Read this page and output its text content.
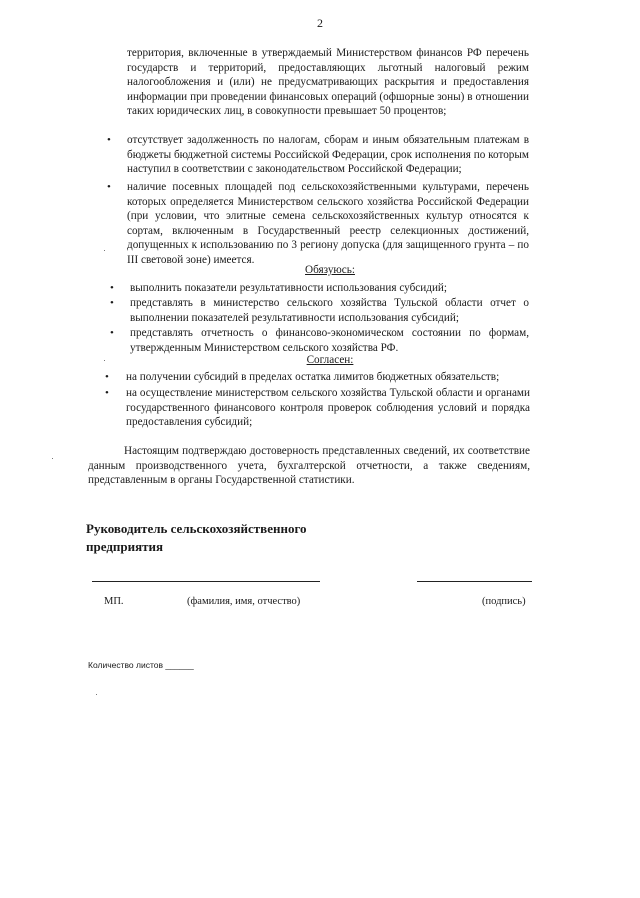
2

территория, включенные в утверждаемый Министерством финансов РФ перечень государств и территорий, предоставляющих льготный налоговый режим налогообложения и (или) не предусматривающих раскрытия и предоставления информации при проведении финансовых операций (офшорные зоны) в отношении таких юридических лиц, в совокупности превышает 50 процентов;

• отсутствует задолженность по налогам, сборам и иным обязательным платежам в бюджеты бюджетной системы Российской Федерации, срок исполнения по которым наступил в соответствии с законодательством Российской Федерации;

• наличие посевных площадей под сельскохозяйственными культурами, перечень которых определяется Министерством сельского хозяйства Российской Федерации (при условии, что элитные семена сельскохозяйственных культур относятся к сортам, включенным в Государственный реестр селекционных достижений, допущенных к использованию по 3 региону допуска (для защищенного грунта – по III световой зоне) имеется.

Обязуюсь:
• выполнить показатели результативности использования субсидий;

• представлять в министерство сельского хозяйства Тульской области отчет о выполнении показателей результативности использования субсидий;

• представлять отчетность о финансово-экономическом состоянии по формам, утвержденным Министерством сельского хозяйства РФ.

Согласен:
• на получении субсидий в пределах остатка лимитов бюджетных обязательств;

• на осуществление министерством сельского хозяйства Тульской области и органами государственного финансового контроля проверок соблюдения условий и порядка предоставления субсидий;

Настоящим подтверждаю достоверность представленных сведений, их соответствие данным производственного учета, бухгалтерской отчетности, а также сведениям, представленным в органы Государственной статистики.

Руководитель сельскохозяйственного
предприятия
МП.	(фамилия, имя, отчество)	(подпись)
Количество листов ______
